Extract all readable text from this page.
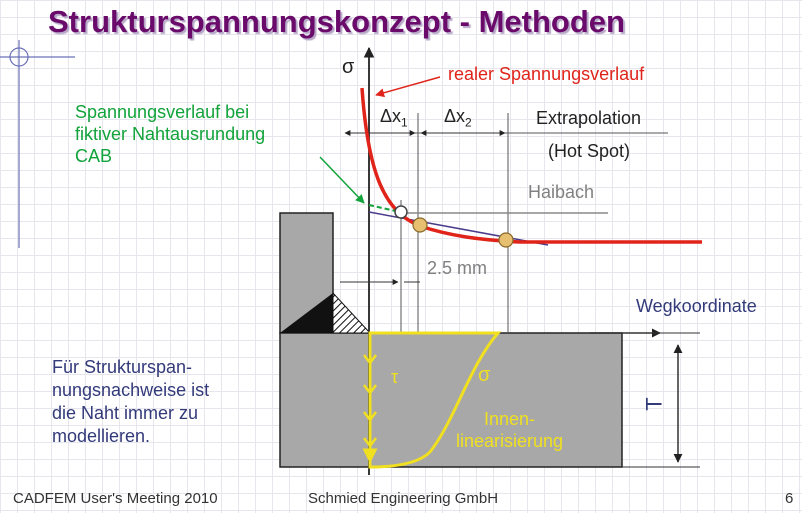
Strukturspannungskonzept - Methoden
σ	realer Spannungsverlauf
Spannungsverlauf bei
fiktiver Nahtausrundung
CAB
$\Delta x_1$ $\Delta x_2$	Extrapolation
(Hot Spot)
Haibach
2.5 mm
Wegkoordinate
τ	σ
Innen-
linearisierung
T
Für Strukturspan-
nungsnachweise ist
die Naht immer zu
modellieren.
CADFEM User's Meeting 2010	Schmied Engineering GmbH	6
